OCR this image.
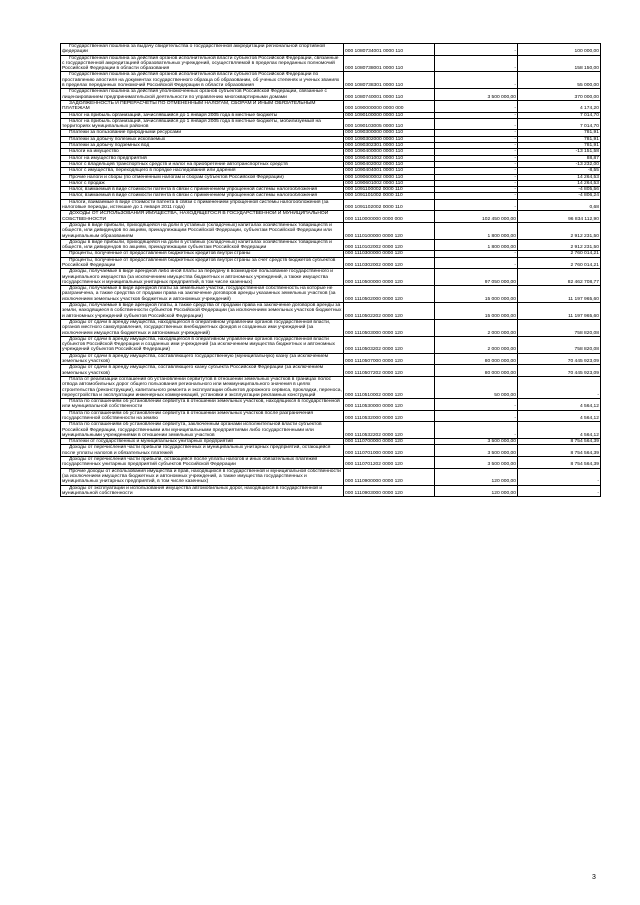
Государственная пошлина за выдачу свидетельства о государственной аккредитации региональной спортивной федерации	000 1080734001 0000 110	-	100 000,00
Государственная пошлина за действия органов исполнительной власти субъектов Российской Федерации, связанные с государственной аккредитацией образовательных учреждений, осуществляемой в пределах переданных полномочий Российской Федерации в области образования	000 1080738001 0000 110	-	158 150,00
Государственная пошлина за действия органов исполнительной власти субъектов Российской Федерации по проставлению апостиля на документах государственного образца об образовании, об ученых степенях и ученых званиях в пределах переданных полномочий Российской Федерации в области образования	000 1080738301 0000 110	-	55 000,00
Государственная пошлина за действия уполномоченных органов субъектов Российской Федерации, связанные с лицензированием предпринимательской деятельности по управлению многоквартирными домами	000 1080740001 0000 110	3 500 000,00	370 000,00
ЗАДОЛЖЕННОСТЬ И ПЕРЕРАСЧЕТЫ ПО ОТМЕНЕННЫМ НАЛОГАМ, СБОРАМ И ИНЫМ ОБЯЗАТЕЛЬНЫМ ПЛАТЕЖАМ	000 1090000000 0000 000	-	4 174,20
Налог на прибыль организаций, зачислявшийся до 1 января 2005 года в местные бюджеты	000 1090100000 0000 110	-	7 014,70
Налог на прибыль организаций, зачислявшийся до 1 января 2005 года в местные бюджеты, мобилизуемый на территориях муниципальных районов	000 1090103005 0000 110	-	7 014,70
Платежи за пользование природными ресурсами	000 1090300000 0000 110	-	781,91
Платежи за добычу полезных ископаемых	000 1090302000 0000 110	-	781,91
Платежи за добычу подземных вод	000 1090302301 0000 110	-	781,91
Налоги на имущество	000 1090400000 0000 110	-	-13 151,58
Налог на имущество предприятий	000 1090401002 0000 110	-	88,87
Налог с владельцев транспортных средств и налог на приобретение автотранспортных средств	000 1090402002 0000 110	-	-13 232,00
Налог с имущества, переходящего в порядке наследования или дарения	000 1090404001 0000 110	-	-8,55
Прочие налоги и сборы (по отмененным налогам и сборам субъектов Российской Федерации)	000 1090600002 0000 110	-	14 264,53
Налог с продаж	000 1090601002 0000 110	-	14 264,53
Налог, взимаемый в виде стоимости патента в связи с применением упрощенной системы налогообложения	000 1091100002 0000 110	-	-4 805,56
Налог, взимаемый в виде стоимости патента в связи с применением упрощенной системы налогообложения	000 1091101002 0000 110	-	-4 806,24
Налоги, взимаемые в виде стоимости патента в связи с применением упрощенной системы налогообложения (за налоговые периоды, истекшие до 1 января 2011 года)	000 1091102002 0000 110	-	0,68
ДОХОДЫ ОТ ИСПОЛЬЗОВАНИЯ ИМУЩЕСТВА, НАХОДЯЩЕГОСЯ В ГОСУДАРСТВЕННОЙ И МУНИЦИПАЛЬНОЙ СОБСТВЕННОСТИ	000 1110000000 0000 000	102 450 000,00	96 834 112,90
Доходы в виде прибыли, приходящейся на доли в уставных (складочных) капиталах хозяйственных товариществ и обществ, или дивидендов по акциям, принадлежащим Российской Федерации, субъектам Российской Федерации или муниципальным образованиям	000 1110100000 0000 120	1 800 000,00	2 912 231,50
Доходы в виде прибыли, приходящейся на доли в уставных (складочных) капиталах хозяйственных товариществ и обществ, или дивидендов по акциям, принадлежащим субъектам Российской Федерации	000 1110102002 0000 120	1 800 000,00	2 912 231,50
Проценты, полученные от предоставления бюджетных кредитов внутри страны	000 1110300000 0000 120	-	2 760 014,21
Проценты, полученные от предоставления бюджетных кредитов внутри страны за счет средств бюджетов субъектов Российской Федерации	000 1110302002 0000 120	-	2 760 014,21
Доходы, получаемые в виде арендной либо иной платы за передачу в возмездное пользование государственного и муниципального имущества (за исключением имущества бюджетных и автономных учреждений, а также имущества государственных и муниципальных унитарных предприятий, в том числе казенных)	000 1110500000 0000 120	97 050 000,00	82 462 708,77
Доходы, получаемые в виде арендной платы за земельные участки, государственная собственность на которые не разграничена, а также средства от продажи права на заключение договоров аренды указанных земельных участков (за исключением земельных участков бюджетных и автономных учреждений)	000 1110502000 0000 120	15 000 000,00	11 197 965,60
Доходы, получаемые в виде арендной платы, а также средства от продажи права на заключение договоров аренды за земли, находящиеся в собственности субъектов Российской Федерации (за исключением земельных участков бюджетных и автономных учреждений субъектов Российской Федерации)	000 1110502202 0000 120	15 000 000,00	11 197 965,60
Доходы от сдачи в аренду имущества, находящегося в оперативном управлении органов государственной власти, органов местного самоуправления, государственных внебюджетных фондов и созданных ими учреждений (за исключением имущества бюджетных и автономных учреждений)	000 1110503000 0000 120	2 000 000,00	758 820,08
Доходы от сдачи в аренду имущества, находящегося в оперативном управлении органов государственной власти субъектов Российской Федерации и созданных ими учреждений (за исключением имущества бюджетных и автономных учреждений субъектов Российской Федерации)	000 1110503202 0000 120	2 000 000,00	758 820,08
Доходы от сдачи в аренду имущества, составляющего государственную (муниципальную) казну (за исключением земельных участков)	000 1110507000 0000 120	80 000 000,00	70 445 923,09
Доходы от сдачи в аренду имущества, составляющего казну субъекта Российской Федерации (за исключением земельных участков)	000 1110507202 0000 120	80 000 000,00	70 445 923,09
Плата от реализации соглашений об установлении сервитутов в отношении земельных участков в границах полос отвода автомобильных дорог общего пользования регионального или межмуниципального значения в целях строительства (реконструкции), капитального ремонта и эксплуатации объектов дорожного сервиса, прокладки, переноса, переустройства и эксплуатации инженерных коммуникаций, установки и эксплуатации рекламных конструкций	000 1110510002 0000 120	50 000,00	-
Плата по соглашениям об установлении сервитута в отношении земельных участков, находящихся в государственной или муниципальной собственности	000 1110530000 0000 120	-	4 564,12
Плата по соглашениям об установлении сервитута в отношении земельных участков после разграничения государственной собственности на землю	000 1110532000 0000 120	-	4 564,12
Плата по соглашениям об установлении сервитута, заключенным органами исполнительной власти субъектов Российской Федерации, государственными или муниципальными предприятиями либо государственными или муниципальными учреждениями в отношении земельных участков	000 1110532202 0000 120	-	4 564,12
Платежи от государственных и муниципальных унитарных предприятий	000 1110700000 0000 120	3 500 000,00	8 754 564,39
Доходы от перечисления части прибыли государственных и муниципальных унитарных предприятий, остающейся после уплаты налогов и обязательных платежей	000 1110701000 0000 120	3 500 000,00	8 754 564,39
Доходы от перечисления части прибыли, остающейся после уплаты налогов и иных обязательных платежей государственных унитарных предприятий субъектов Российской Федерации	000 1110701202 0000 120	3 500 000,00	8 754 564,39
Прочие доходы от использования имущества и прав, находящихся в государственной и муниципальной собственности (за исключением имущества бюджетных и автономных учреждений, а также имущества государственных и муниципальных унитарных предприятий, в том числе казенных)	000 1110900000 0000 120	120 000,00	-
Доходы от эксплуатации и использования имущества автомобильных дорог, находящихся в государственной и муниципальной собственности	000 1110903000 0000 120	120 000,00	-
3
